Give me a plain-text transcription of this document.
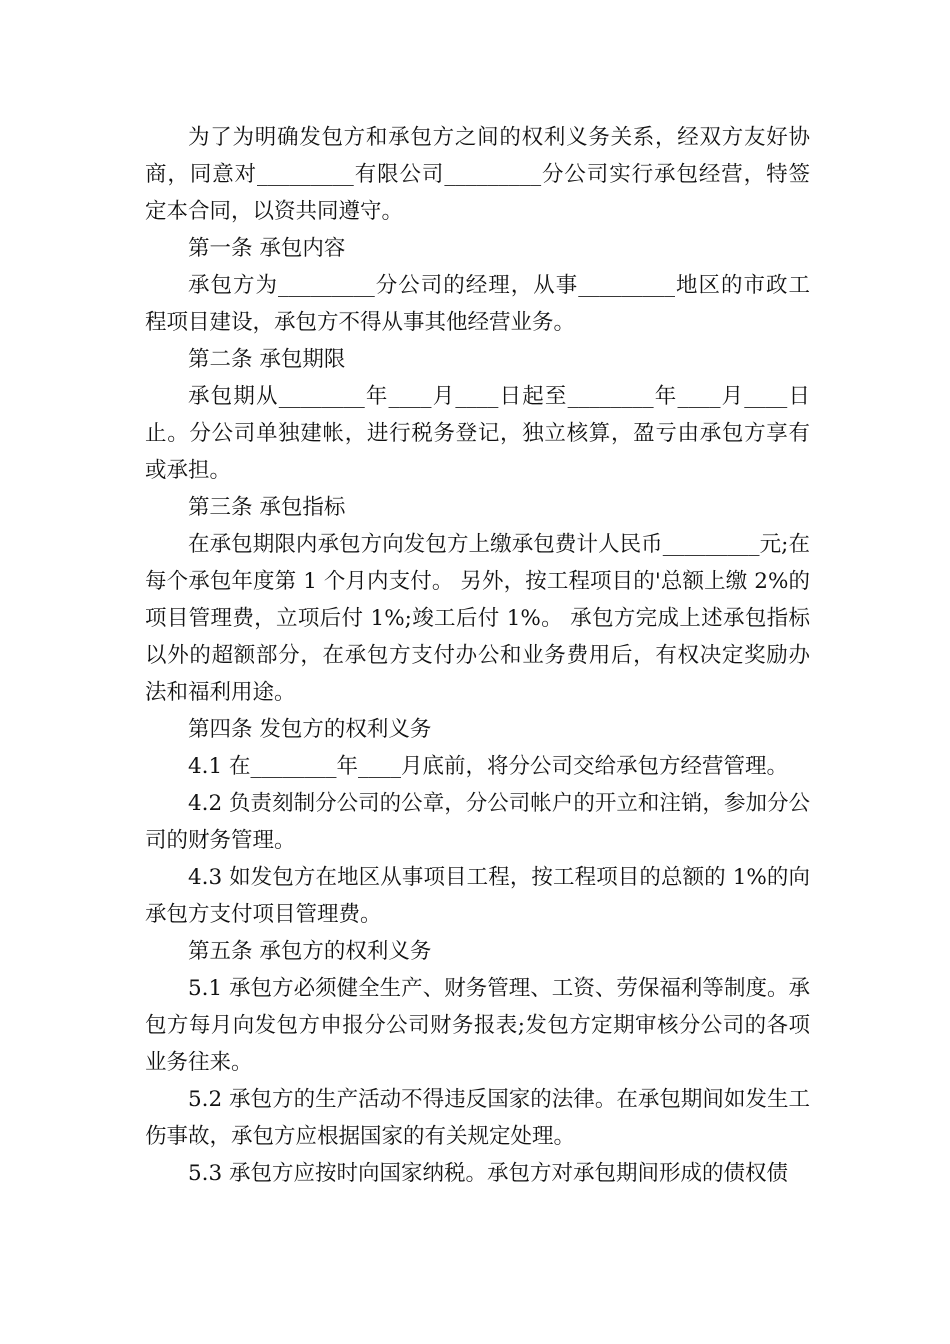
为了为明确发包方和承包方之间的权利义务关系，经双方友好协商，同意对_________有限公司_________分公司实行承包经营，特签定本合同，以资共同遵守。

第一条 承包内容

承包方为_________分公司的经理，从事_________地区的市政工程项目建设，承包方不得从事其他经营业务。

第二条 承包期限

承包期从________年____月____日起至________年____月____日止。分公司单独建帐，进行税务登记，独立核算，盈亏由承包方享有或承担。

第三条 承包指标

在承包期限内承包方向发包方上缴承包费计人民币_________元;在每个承包年度第 1 个月内支付。 另外，按工程项目的'总额上缴 2%的项目管理费，立项后付 1%;竣工后付 1%。 承包方完成上述承包指标以外的超额部分，在承包方支付办公和业务费用后，有权决定奖励办法和福利用途。

第四条 发包方的权利义务

4.1 在________年____月底前，将分公司交给承包方经营管理。

4.2 负责刻制分公司的公章，分公司帐户的开立和注销，参加分公司的财务管理。

4.3 如发包方在地区从事项目工程，按工程项目的总额的 1%的向承包方支付项目管理费。

第五条 承包方的权利义务

5.1 承包方必须健全生产、财务管理、工资、劳保福利等制度。承包方每月向发包方申报分公司财务报表;发包方定期审核分公司的各项业务往来。

5.2 承包方的生产活动不得违反国家的法律。在承包期间如发生工伤事故，承包方应根据国家的有关规定处理。

5.3 承包方应按时向国家纳税。承包方对承包期间形成的债权债
